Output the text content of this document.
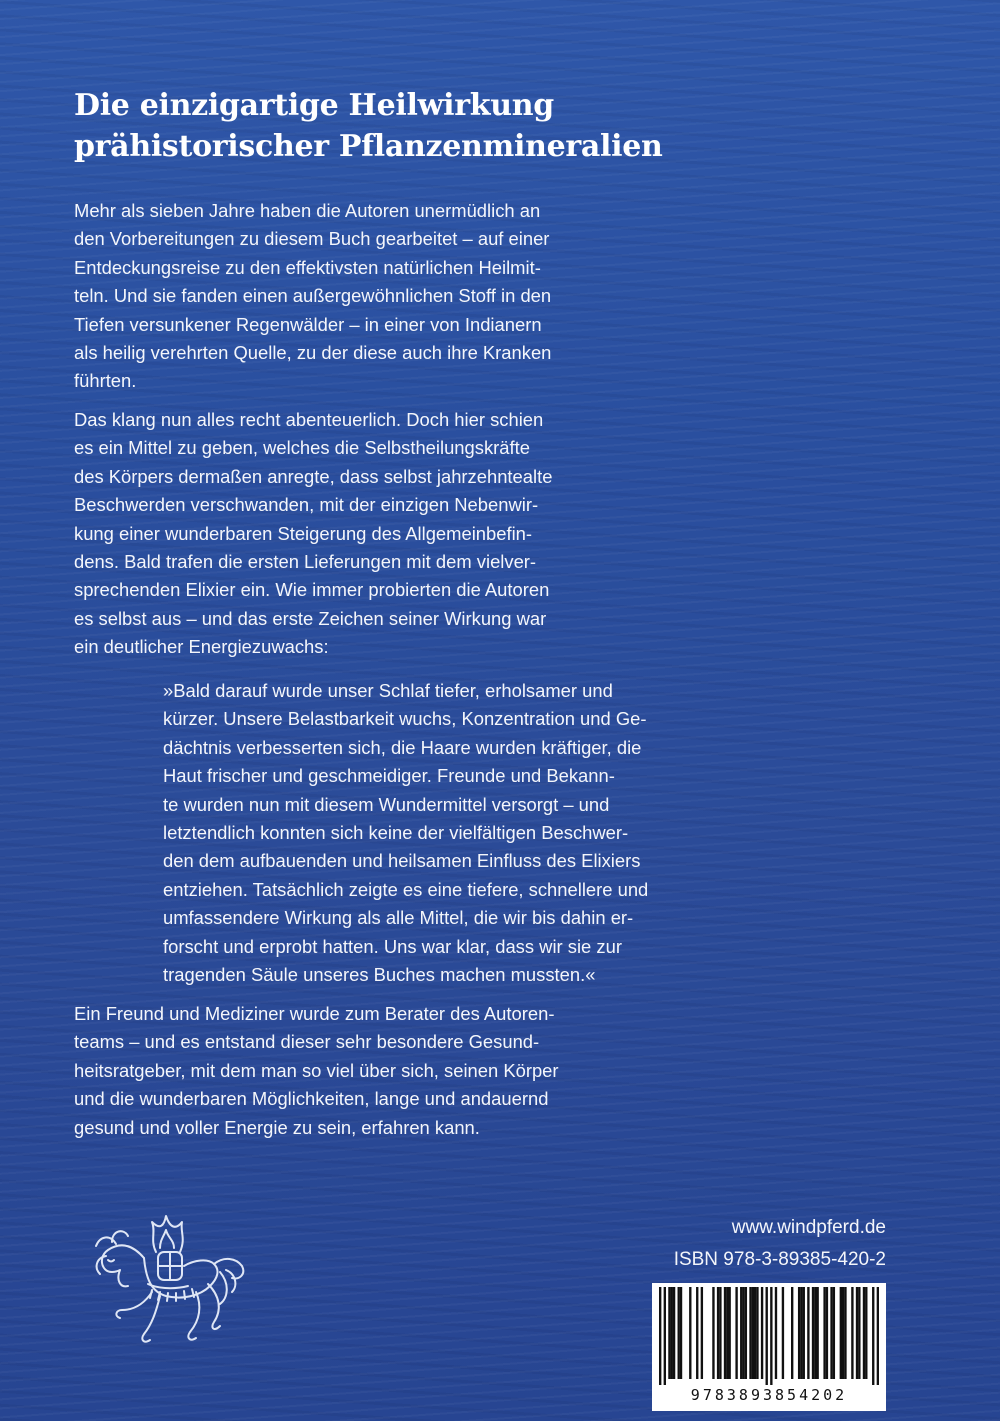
Die einzigartige Heilwirkung
prähistorischer Pflanzenmineralien
Mehr als sieben Jahre haben die Autoren unermüdlich an
den Vorbereitungen zu diesem Buch gearbeitet – auf einer
Entdeckungsreise zu den effektivsten natürlichen Heilmit-
teln. Und sie fanden einen außergewöhnlichen Stoff in den
Tiefen versunkener Regenwälder – in einer von Indianern
als heilig verehrten Quelle, zu der diese auch ihre Kranken
führten.
Das klang nun alles recht abenteuerlich. Doch hier schien
es ein Mittel zu geben, welches die Selbstheilungskräfte
des Körpers dermaßen anregte, dass selbst jahrzehntealte
Beschwerden verschwanden, mit der einzigen Nebenwir-
kung einer wunderbaren Steigerung des Allgemeinbefin-
dens. Bald trafen die ersten Lieferungen mit dem vielver-
sprechenden Elixier ein. Wie immer probierten die Autoren
es selbst aus – und das erste Zeichen seiner Wirkung war
ein deutlicher Energiezuwachs:
»Bald darauf wurde unser Schlaf tiefer, erholsamer und
kürzer. Unsere Belastbarkeit wuchs, Konzentration und Ge-
dächtnis verbesserten sich, die Haare wurden kräftiger, die
Haut frischer und geschmeidiger. Freunde und Bekann-
te wurden nun mit diesem Wundermittel versorgt – und
letztendlich konnten sich keine der vielfältigen Beschwer-
den dem aufbauenden und heilsamen Einfluss des Elixiers
entziehen. Tatsächlich zeigte es eine tiefere, schnellere und
umfassendere Wirkung als alle Mittel, die wir bis dahin er-
forscht und erprobt hatten. Uns war klar, dass wir sie zur
tragenden Säule unseres Buches machen mussten.«
Ein Freund und Mediziner wurde zum Berater des Autoren-
teams – und es entstand dieser sehr besondere Gesund-
heitsratgeber, mit dem man so viel über sich, seinen Körper
und die wunderbaren Möglichkeiten, lange und andauernd
gesund und voller Energie zu sein, erfahren kann.
www.windpferd.de
ISBN 978-3-89385-420-2
9783893854202
